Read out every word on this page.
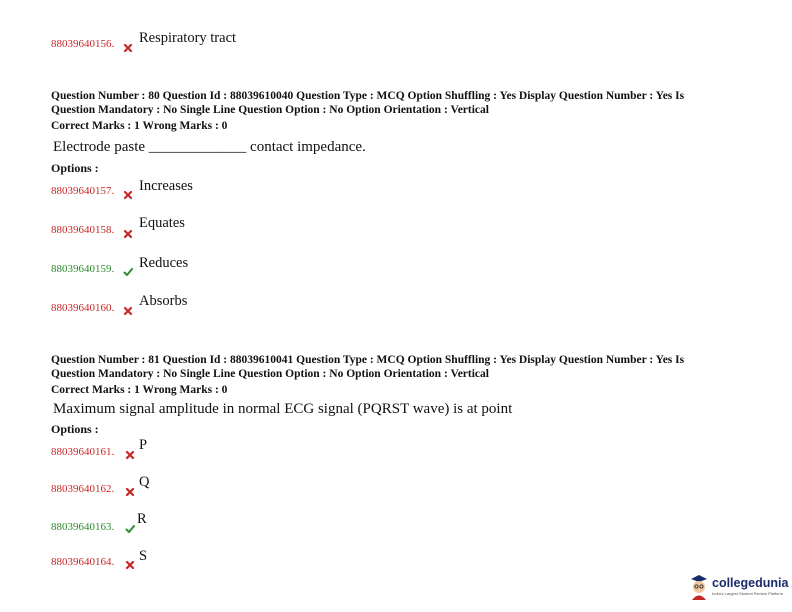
88039640156. Respiratory tract
Question Number : 80 Question Id : 88039610040 Question Type : MCQ Option Shuffling : Yes Display Question Number : Yes Is
Question Mandatory : No Single Line Question Option : No Option Orientation : Vertical
Correct Marks : 1 Wrong Marks : 0
Electrode paste _____________ contact impedance.
Options :
88039640157. Increases
88039640158. Equates
88039640159. Reduces
88039640160. Absorbs
Question Number : 81 Question Id : 88039610041 Question Type : MCQ Option Shuffling : Yes Display Question Number : Yes Is
Question Mandatory : No Single Line Question Option : No Option Orientation : Vertical
Correct Marks : 1 Wrong Marks : 0
Maximum signal amplitude in normal ECG signal (PQRST wave) is at point
Options :
88039640161. P
88039640162. Q
88039640163. R
88039640164. S
collegedunia
India's Largest Student Review Platform
